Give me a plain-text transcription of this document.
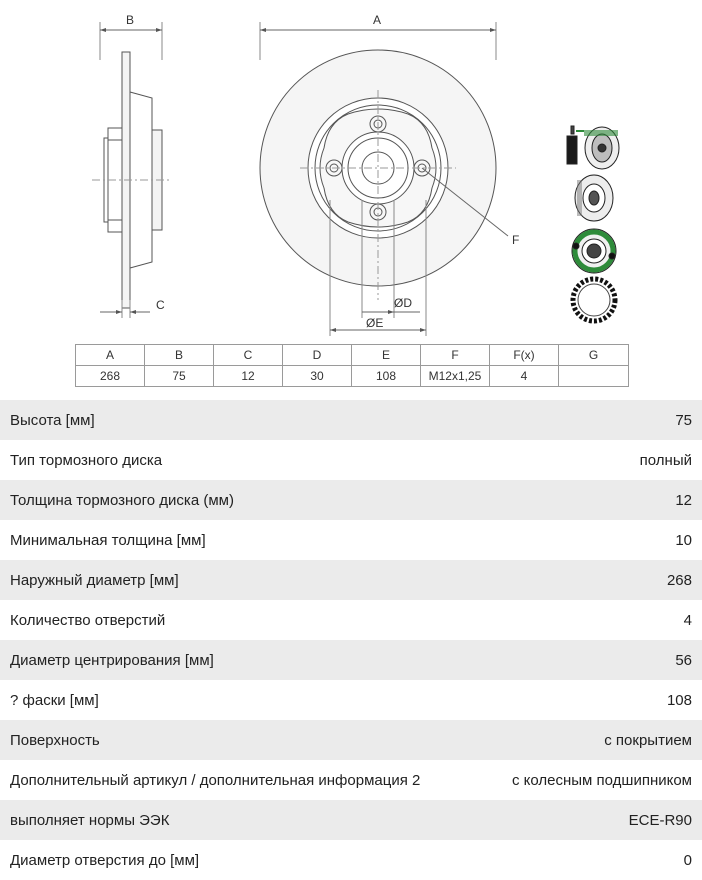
B
C
A
F
ØD
ØE
A	B	C	D	E	F	F(x)	G
268	75	12	30	108	M12x1,25	4	
Высота [мм]	75
Тип тормозного диска	полный
Толщина тормозного диска (мм)	12
Минимальная толщина [мм]	10
Наружный диаметр [мм]	268
Количество отверстий	4
Диаметр центрирования [мм]	56
? фаски [мм]	108
Поверхность	с покрытием
Дополнительный артикул / дополнительная информация 2	с колесным подшипником
выполняет нормы ЭЭК	ECE-R90
Диаметр отверстия до [мм]	0
